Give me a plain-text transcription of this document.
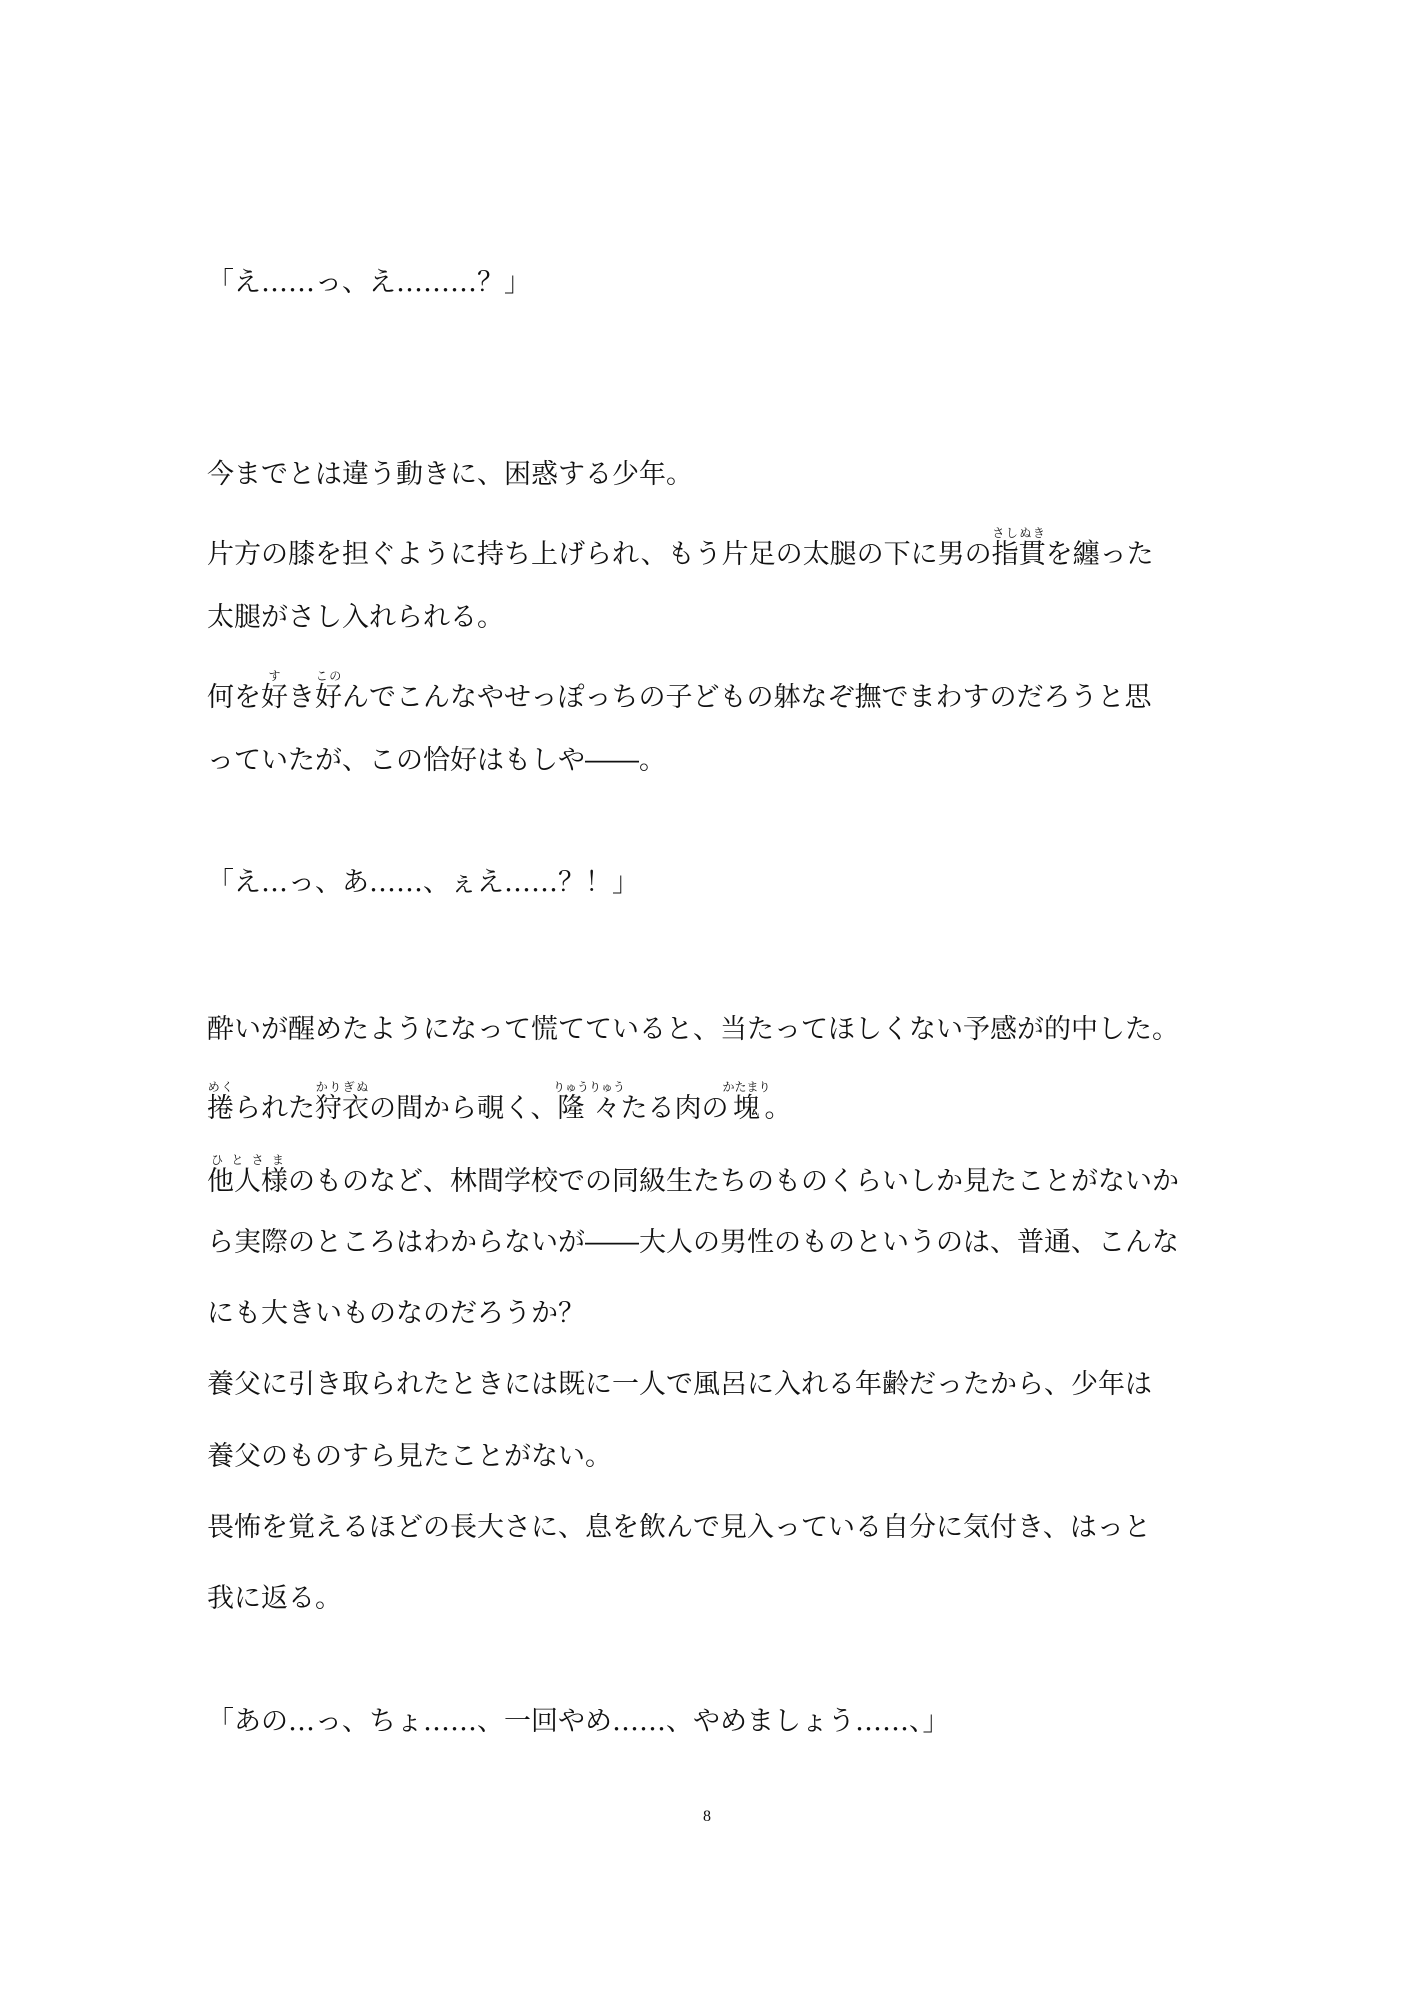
「え……っ、え………？」
今までとは違う動きに、困惑する少年。
片方の膝を担ぐように持ち上げられ、もう片足の太腿の下に男の指貫さしぬきを纏った
太腿がさし入れられる。
何を好すき好このんでこんなやせっぽっちの子どもの躰なぞ撫でまわすのだろうと思
っていたが、この恰好はもしや――。
「え…っ、あ……、ぇえ……？！」
酔いが醒めたようになって慌てていると、当たってほしくない予感が的中した。
捲めくられた狩衣かりぎぬの間から覗く、隆々りゅうりゅうたる肉の塊かたまり。
他人様ひとさまのものなど、林間学校での同級生たちのものくらいしか見たことがないか
ら実際のところはわからないが――大人の男性のものというのは、普通、こんな
にも大きいものなのだろうか？
養父に引き取られたときには既に一人で風呂に入れる年齢だったから、少年は
養父のものすら見たことがない。
畏怖を覚えるほどの長大さに、息を飲んで見入っている自分に気付き、はっと
我に返る。
「あの…っ、ちょ……、一回やめ……、やめましょう……、」
8
